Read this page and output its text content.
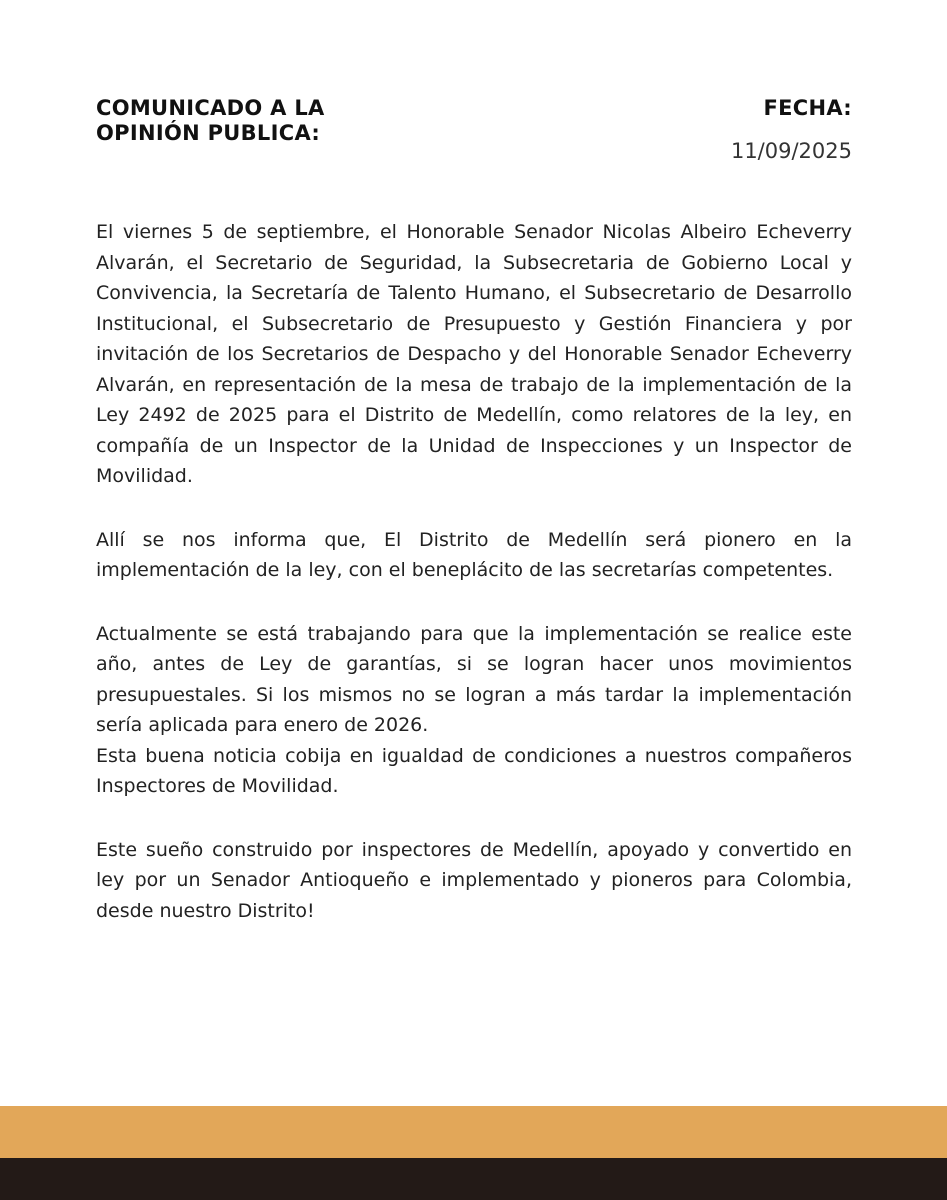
COMUNICADO A LA
OPINIÓN PUBLICA:
FECHA:
11/09/2025

El viernes 5 de septiembre, el Honorable Senador Nicolas Albeiro Echeverry Alvarán, el Secretario de Seguridad, la Subsecretaria de Gobierno Local y Convivencia, la Secretaría de Talento Humano, el Subsecretario de Desarrollo Institucional, el Subsecretario de Presupuesto y Gestión Financiera y por invitación de los Secretarios de Despacho y del Honorable Senador Echeverry Alvarán, en representación de la mesa de trabajo de la implementación de la Ley 2492 de 2025 para el Distrito de Medellín, como relatores de la ley, en compañía de un Inspector de la Unidad de Inspecciones y un Inspector de Movilidad.

Allí se nos informa que, El Distrito de Medellín será pionero en la implementación de la ley, con el beneplácito de las secretarías competentes.

Actualmente se está trabajando para que la implementación se realice este año, antes de Ley de garantías, si se logran hacer unos movimientos presupuestales. Si los mismos no se logran a más tardar la implementación sería aplicada para enero de 2026.

Esta buena noticia cobija en igualdad de condiciones a nuestros compañeros Inspectores de Movilidad.

Este sueño construido por inspectores de Medellín, apoyado y convertido en ley por un Senador Antioqueño e implementado y pioneros para Colombia, desde nuestro Distrito!
